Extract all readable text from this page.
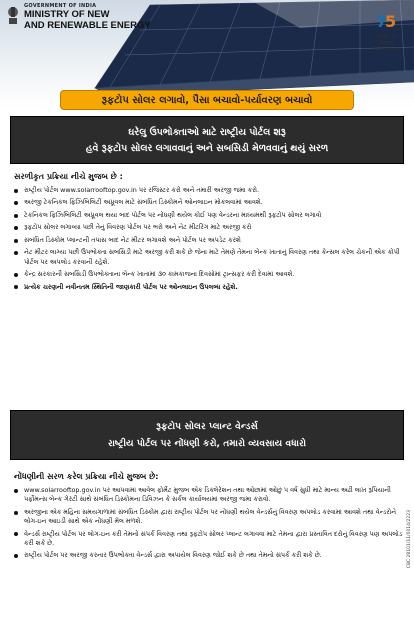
GOVERNMENT OF INDIA
MINISTRY OF NEW
AND RENEWABLE ENERGY	7
5
Azadi Ka
Amrit Mahotsav
રૂફટોપ સોલર લગાવો, પૈસા બચાવો-પર્યાવરણ બચાવો
ઘરેલુ ઉપભોક્તાઓ માટે રાષ્ટ્રીય પોર્ટલ શરૂ
હવે રૂફટોપ સોલર લગાવવાનું અને સબસિડી મેળવવાનું થયું સરળ
સરળીકૃત પ્રક્રિયા નીચે મુજબ છે :
રાષ્ટ્રીય પોર્ટલ www.solarrooftop.gov.in પર રજિસ્ટર કરો અને તમારી અરજી જમા કરો.
અરજી ટેકનિકલ ફિઝિબિલિટી અપ્રૂવલ માટે સંબંધિત ડિસ્કોમને ઓનલાઇન મોકલવામાં આવશે.
ટેકનિકલ ફિઝિબિલિટી અપ્રૂવલ થયા બાદ પોર્ટલ પર નોંધણી થયેલ કોઈ પણ વેન્ડરના માધ્યમથી રૂફટોપ સોલર લગાવો
રૂફટોપ સોલર લગાવ્યા પછી તેનું વિવરણ પોર્ટલ પર ભરો અને નેટ મીટરિંગ માટે અરજી કરો
સંબંધિત ડિસ્કોમ પ્લાન્ટની તપાસ બાદ નેટ મીટર લગાવશે અને પોર્ટલ પર અપડેટ કરશે
નેટ મીટર લાગ્યા પછી ઉપભોક્તા સબસિડી માટે અરજી કરી શકે છે જેના માટે તેમણે તેમના બેન્ક ખાતાનું વિવરણ તથા કેન્સલ કરેલ ચેકની એક કોપી પોર્ટલ પર અપલોડ કરવાની રહેશે.
કેન્દ્ર સરકારની સબસિડી ઉપભોક્તાના બેન્ક ખાતામાં ૩૦ કામકાજના દિવસોમાં ટ્રાન્સફર કરી દેવામાં આવશે.
પ્રત્યેક ચરણની નવીનતમ સ્થિતિની જાણકારી પોર્ટલ પર ઓનલાઇન ઉપલબ્ધ રહેશે.
રૂફટોપ સોલર પ્લાન્ટ વેન્ડર્સ
રાષ્ટ્રીય પોર્ટલ પર નોંધણી કરો, તમારો વ્યવસાય વધારો
નોંધણીની સરળ કરેલ પ્રક્રિયા નીચે મુજબ છે:
www.solarrooftop.gov.in પર આપવામાં આવેલ ફોર્મેટ મુજબ એક ડિક્લેરેશન તથા ઓછામાં ઓછું ૫ વર્ષ સુધી માટે માન્ય અઢી લાખ રૂપિયાની પર્ફોમન્સ બેન્ક ગેરંટી સાથે સંબંધિત ડિસ્કોમના ડિવિઝન કે સર્કલ કાર્યાલયમાં અરજી જમા કરાવો.
અરજીના એક મહિના સમયગાળામાં સંબંધિત ડિસ્કોમ દ્વારા રાષ્ટ્રીય પોર્ટલ પર નોંધણી થયેલ વેન્ડર્સનું વિવરણ અપલોડ કરવામાં આવશે તથા વેન્ડરોને લોગ-ઇન આઇડી સાથે એક નોંધણી મેલ મળશે.
વેન્ડર્સ રાષ્ટ્રીય પોર્ટલ પર લોગ-ઇન કરી તેમનો સંપર્ક વિવરણ તથા રૂફટોપ સોલર પ્લાન્ટ લગાવવા માટે તેમના દ્વારા પ્રસ્તાવિત દરોનું વિવરણ પણ અપલોડ કરી શકે છે.
રાષ્ટ્રીય પોર્ટલ પર અરજી કરનાર ઉપભોક્તા વેન્ડર્સ દ્વારા અપાયેલ વિવરણ જોઈ શકે છે તથા તેમનો સંપર્ક કરી શકે છે.	CBC 28101/11/0014/2223
